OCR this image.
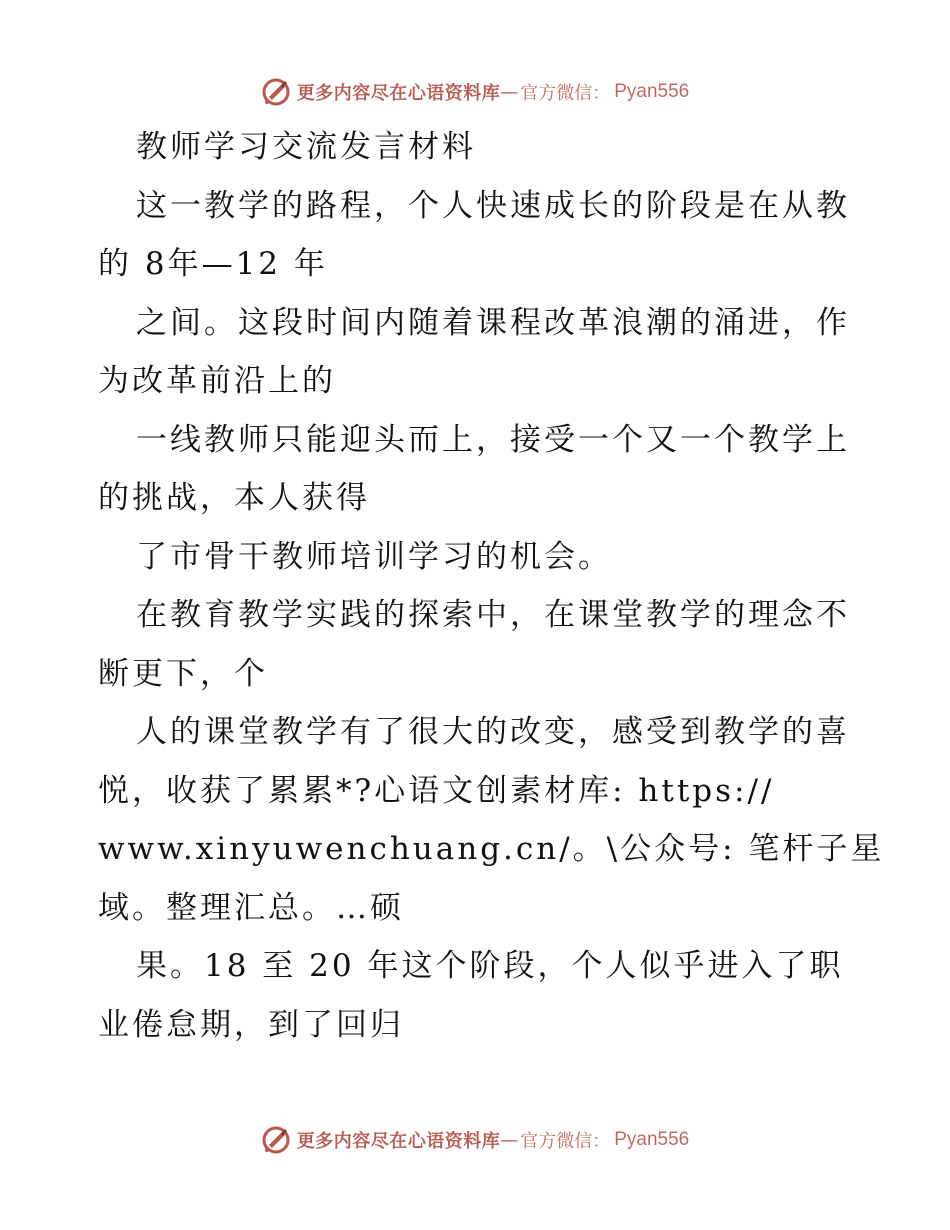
更多内容尽在心语资料库 — 官方微信： Pyan556
教师学习交流发言材料
这一教学的路程，个人快速成长的阶段是在从教
的 8年—12 年
之间。这段时间内随着课程改革浪潮的涌进，作
为改革前沿上的
一线教师只能迎头而上，接受一个又一个教学上
的挑战，本人获得
了市骨干教师培训学习的机会。
在教育教学实践的探索中，在课堂教学的理念不
断更下，个
人的课堂教学有了很大的改变，感受到教学的喜
悦，收获了累累*?心语文创素材库: https://
www.xinyuwenchuang.cn/。\公众号: 笔杆子星
域。整理汇总。…硕
果。18 至 20 年这个阶段，个人似乎进入了职
业倦怠期，到了回归
更多内容尽在心语资料库 — 官方微信： Pyan556
